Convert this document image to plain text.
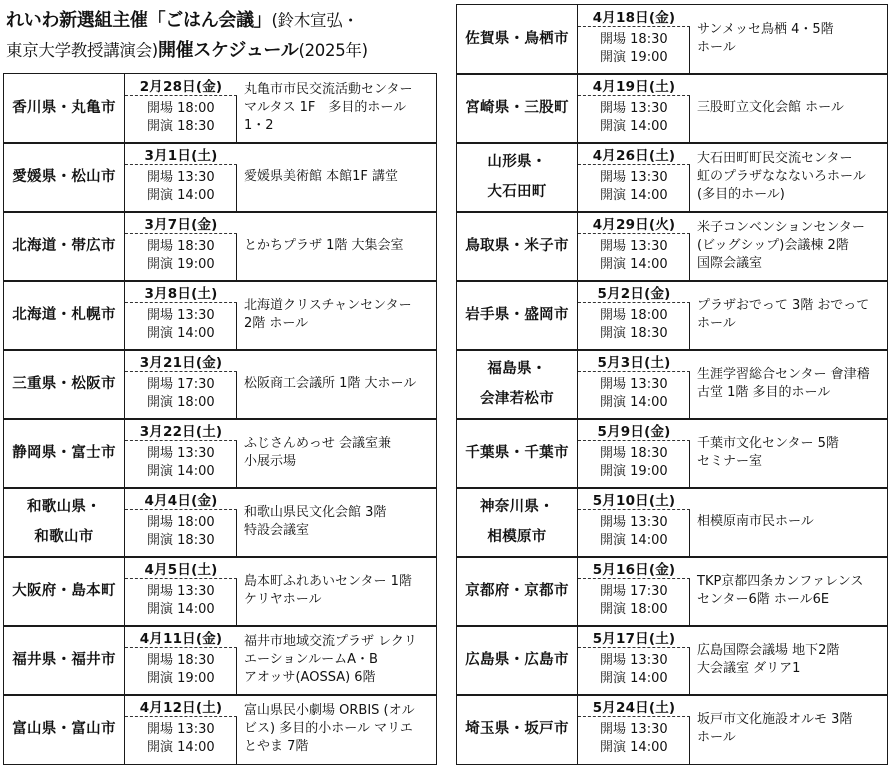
れいわ新選組主催「ごはん会議」(鈴木宣弘・
東京大学教授講演会)開催スケジュール(2025年)
香川県・丸亀市
2月28日(金)
開場 18:00
開演 18:30
丸亀市市民交流活動センター
マルタス 1F　多目的ホール
1・2
愛媛県・松山市
3月1日(土)
開場 13:30
開演 14:00
愛媛県美術館 本館1F 講堂
北海道・帯広市
3月7日(金)
開場 18:30
開演 19:00
とかちプラザ 1階 大集会室
北海道・札幌市
3月8日(土)
開場 13:30
開演 14:00
北海道クリスチャンセンター
2階 ホール
三重県・松阪市
3月21日(金)
開場 17:30
開演 18:00
松阪商工会議所 1階 大ホール
静岡県・富士市
3月22日(土)
開場 13:30
開演 14:00
ふじさんめっせ 会議室兼
小展示場
和歌山県・
和歌山市
4月4日(金)
開場 18:00
開演 18:30
和歌山県民文化会館 3階
特設会議室
大阪府・島本町
4月5日(土)
開場 13:30
開演 14:00
島本町ふれあいセンター 1階
ケリヤホール
福井県・福井市
4月11日(金)
開場 18:30
開演 19:00
福井市地域交流プラザ レクリ
エーションルームA・B
アオッサ(AOSSA) 6階
富山県・富山市
4月12日(土)
開場 13:30
開演 14:00
富山県民小劇場 ORBIS (オル
ビス) 多目的小ホール マリエ
とやま 7階
佐賀県・鳥栖市
4月18日(金)
開場 18:30
開演 19:00
サンメッセ鳥栖 4・5階
ホール
宮崎県・三股町
4月19日(土)
開場 13:30
開演 14:00
三股町立文化会館 ホール
山形県・
大石田町
4月26日(土)
開場 13:30
開演 14:00
大石田町町民交流センター
虹のプラザななないろホール
(多目的ホール)
鳥取県・米子市
4月29日(火)
開場 13:30
開演 14:00
米子コンベンションセンター
(ビッグシップ)会議棟 2階
国際会議室
岩手県・盛岡市
5月2日(金)
開場 18:00
開演 18:30
プラザおでって 3階 おでって
ホール
福島県・
会津若松市
5月3日(土)
開場 13:30
開演 14:00
生涯学習総合センター 會津稽
古堂 1階 多目的ホール
千葉県・千葉市
5月9日(金)
開場 18:30
開演 19:00
千葉市文化センター 5階
セミナー室
神奈川県・
相模原市
5月10日(土)
開場 13:30
開演 14:00
相模原南市民ホール
京都府・京都市
5月16日(金)
開場 17:30
開演 18:00
TKP京都四条カンファレンス
センター6階 ホール6E
広島県・広島市
5月17日(土)
開場 13:30
開演 14:00
広島国際会議場 地下2階
大会議室 ダリア1
埼玉県・坂戸市
5月24日(土)
開場 13:30
開演 14:00
坂戸市文化施設オルモ 3階
ホール
